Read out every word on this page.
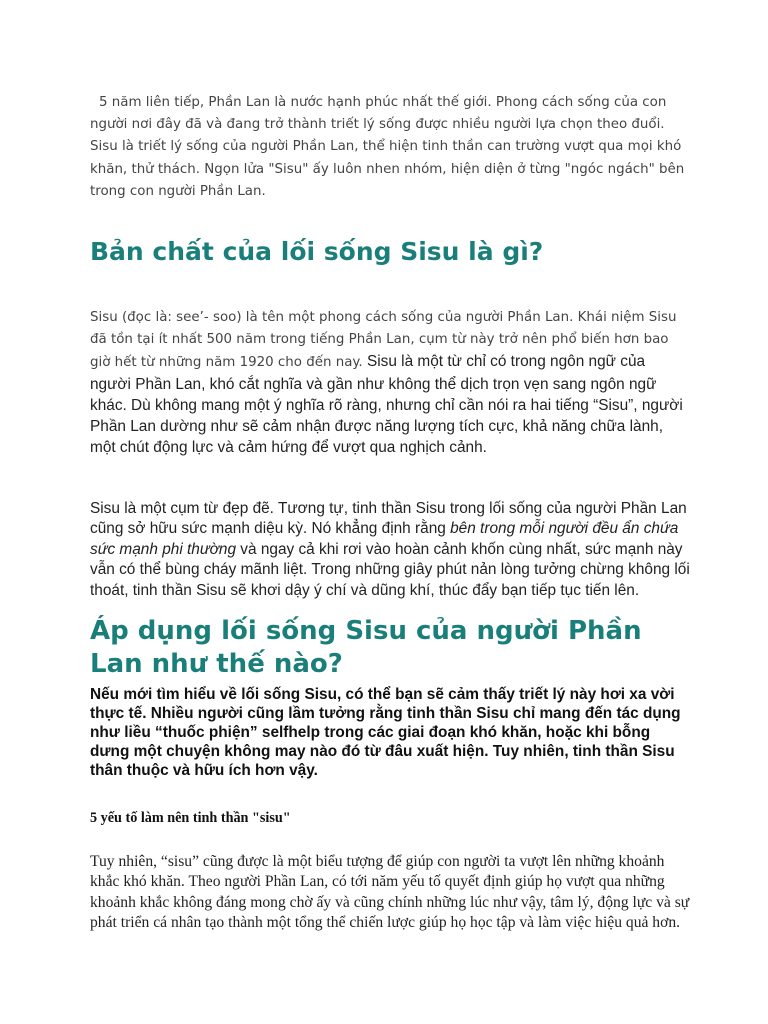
5 năm liên tiếp, Phần Lan là nước hạnh phúc nhất thế giới. Phong cách sống của con người nơi đây đã và đang trở thành triết lý sống được nhiều người lựa chọn theo đuổi. Sisu là triết lý sống của người Phần Lan, thể hiện tinh thần can trường vượt qua mọi khó khăn, thử thách. Ngọn lửa "Sisu" ấy luôn nhen nhóm, hiện diện ở từng "ngóc ngách" bên trong con người Phần Lan.

Bản chất của lối sống Sisu là gì?

Sisu (đọc là: see’- soo) là tên một phong cách sống của người Phần Lan. Khái niệm Sisu đã tồn tại ít nhất 500 năm trong tiếng Phần Lan, cụm từ này trở nên phổ biến hơn bao giờ hết từ những năm 1920 cho đến nay. Sisu là một từ chỉ có trong ngôn ngữ của người Phần Lan, khó cắt nghĩa và gần như không thể dịch trọn vẹn sang ngôn ngữ khác. Dù không mang một ý nghĩa rõ ràng, nhưng chỉ cần nói ra hai tiếng “Sisu”, người Phần Lan dường như sẽ cảm nhận được năng lượng tích cực, khả năng chữa lành, một chút động lực và cảm hứng để vượt qua nghịch cảnh.

Sisu là một cụm từ đẹp đẽ. Tương tự, tinh thần Sisu trong lối sống của người Phần Lan cũng sở hữu sức mạnh diệu kỳ. Nó khẳng định rằng bên trong mỗi người đều ẩn chứa sức mạnh phi thường và ngay cả khi rơi vào hoàn cảnh khốn cùng nhất, sức mạnh này vẫn có thể bùng cháy mãnh liệt. Trong những giây phút nản lòng tưởng chừng không lối thoát, tinh thần Sisu sẽ khơi dậy ý chí và dũng khí, thúc đẩy bạn tiếp tục tiến lên.

Áp dụng lối sống Sisu của người Phần Lan như thế nào?

Nếu mới tìm hiểu về lối sống Sisu, có thể bạn sẽ cảm thấy triết lý này hơi xa vời thực tế. Nhiều người cũng lầm tưởng rằng tinh thần Sisu chỉ mang đến tác dụng như liều “thuốc phiện” selfhelp trong các giai đoạn khó khăn, hoặc khi bỗng dưng một chuyện không may nào đó từ đâu xuất hiện. Tuy nhiên, tinh thần Sisu thân thuộc và hữu ích hơn vậy.

5 yếu tố làm nên tinh thần "sisu"

Tuy nhiên, “sisu” cũng được là một biểu tượng để giúp con người ta vượt lên những khoảnh khắc khó khăn. Theo người Phần Lan, có tới năm yếu tố quyết định giúp họ vượt qua những khoảnh khắc không đáng mong chờ ấy và cũng chính những lúc như vậy, tâm lý, động lực và sự phát triển cá nhân tạo thành một tổng thể chiến lược giúp họ học tập và làm việc hiệu quả hơn.
